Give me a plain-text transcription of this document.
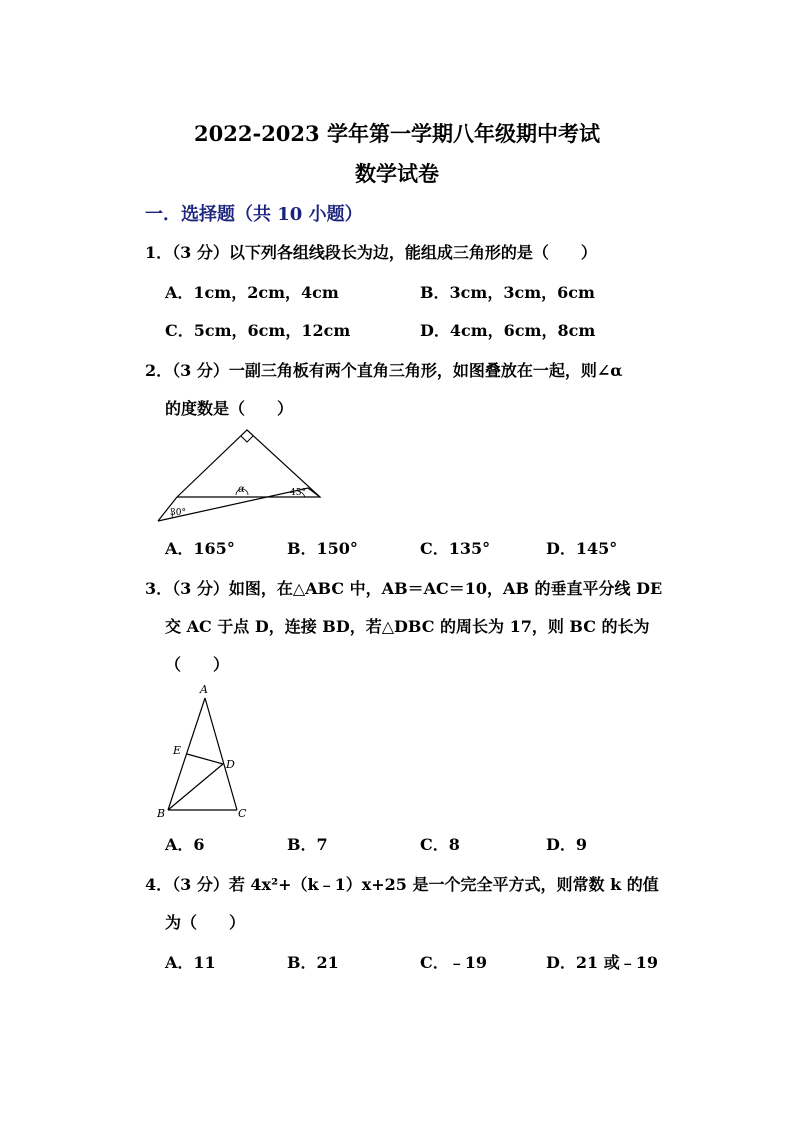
2022-2023 学年第一学期八年级期中考试
数学试卷
一．选择题（共 10 小题）
1．（3 分）以下列各组线段长为边，能组成三角形的是（　　）
A．1cm，2cm，4cm	B．3cm，3cm，6cm
C．5cm，6cm，12cm	D．4cm，6cm，8cm
2．（3 分）一副三角板有两个直角三角形，如图叠放在一起，则∠α
的度数是（　　）
α	45°
30°
A．165°	B．150°	C．135°	D．145°
3．（3 分）如图，在△ABC 中，AB＝AC＝10，AB 的垂直平分线 DE
交 AC 于点 D，连接 BD，若△DBC 的周长为 17，则 BC 的长为
（　　）
A
E
D
B	C
A．6	B．7	C．8	D．9
4．（3 分）若 4x²+（k﹣1）x+25 是一个完全平方式，则常数 k 的值
为（　　）
A．11	B．21	C．﹣19	D．21 或﹣19
